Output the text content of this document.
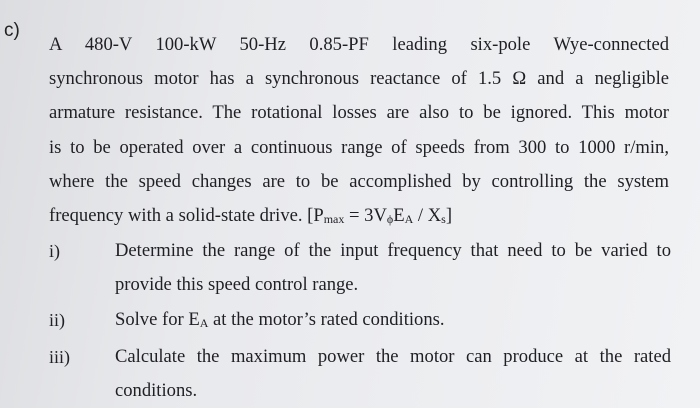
c)
A 480-V 100-kW 50-Hz 0.85-PF leading six-pole Wye-connected
synchronous motor has a synchronous reactance of 1.5 Ω and a negligible
armature resistance. The rotational losses are also to be ignored. This motor
is to be operated over a continuous range of speeds from 300 to 1000 r/min,
where the speed changes are to be accomplished by controlling the system
frequency with a solid-state drive. [Pmax = 3VϕEA / Xs]
i)	Determine the range of the input frequency that need to be varied to
provide this speed control range.
ii)	Solve for EA at the motor’s rated conditions.
iii) Calculate the maximum power the motor can produce at the rated
conditions.
